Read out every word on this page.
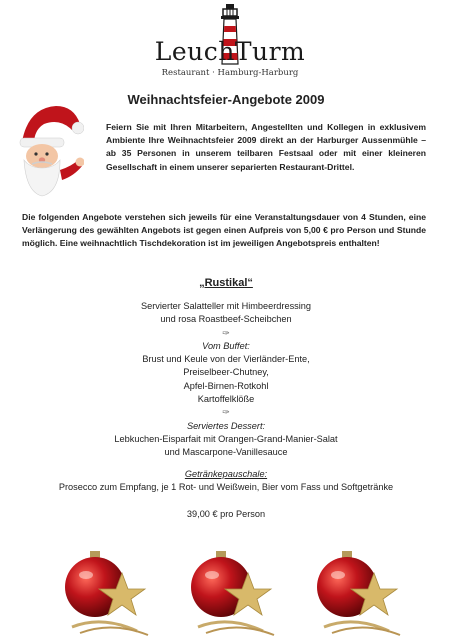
LeuchTurm
Restaurant · Hamburg-Harburg
Weihnachtsfeier-Angebote 2009

Feiern Sie mit Ihren Mitarbeitern, Angestellten und Kollegen in exklusivem Ambiente Ihre Weihnachtsfeier 2009 direkt an der Harburger Aussenmühle – ab 35 Personen in unserem teilbaren Festsaal oder mit einer kleineren Gesellschaft in einem unserer separierten Restaurant-Drittel.

Die folgenden Angebote verstehen sich jeweils für eine Veranstaltungsdauer von 4 Stunden, eine Verlängerung des gewählten Angebots ist gegen einen Aufpreis von 5,00 € pro Person und Stunde möglich. Eine weihnachtlich Tischdekoration ist im jeweiligen Angebotspreis enthalten!

„Rustikal“
Servierter Salatteller mit Himbeerdressing
und rosa Roastbeef-Scheibchen
✑
Vom Buffet:
Brust und Keule von der Vierländer-Ente,
Preiselbeer-Chutney,
Apfel-Birnen-Rotkohl
Kartoffelklöße
✑
Serviertes Dessert:
Lebkuchen-Eisparfait mit Orangen-Grand-Manier-Salat
und Mascarpone-Vanillesauce
Getränkepauschale:
Prosecco zum Empfang, je 1 Rot- und Weißwein, Bier vom Fass und Softgetränke
39,00 € pro Person
